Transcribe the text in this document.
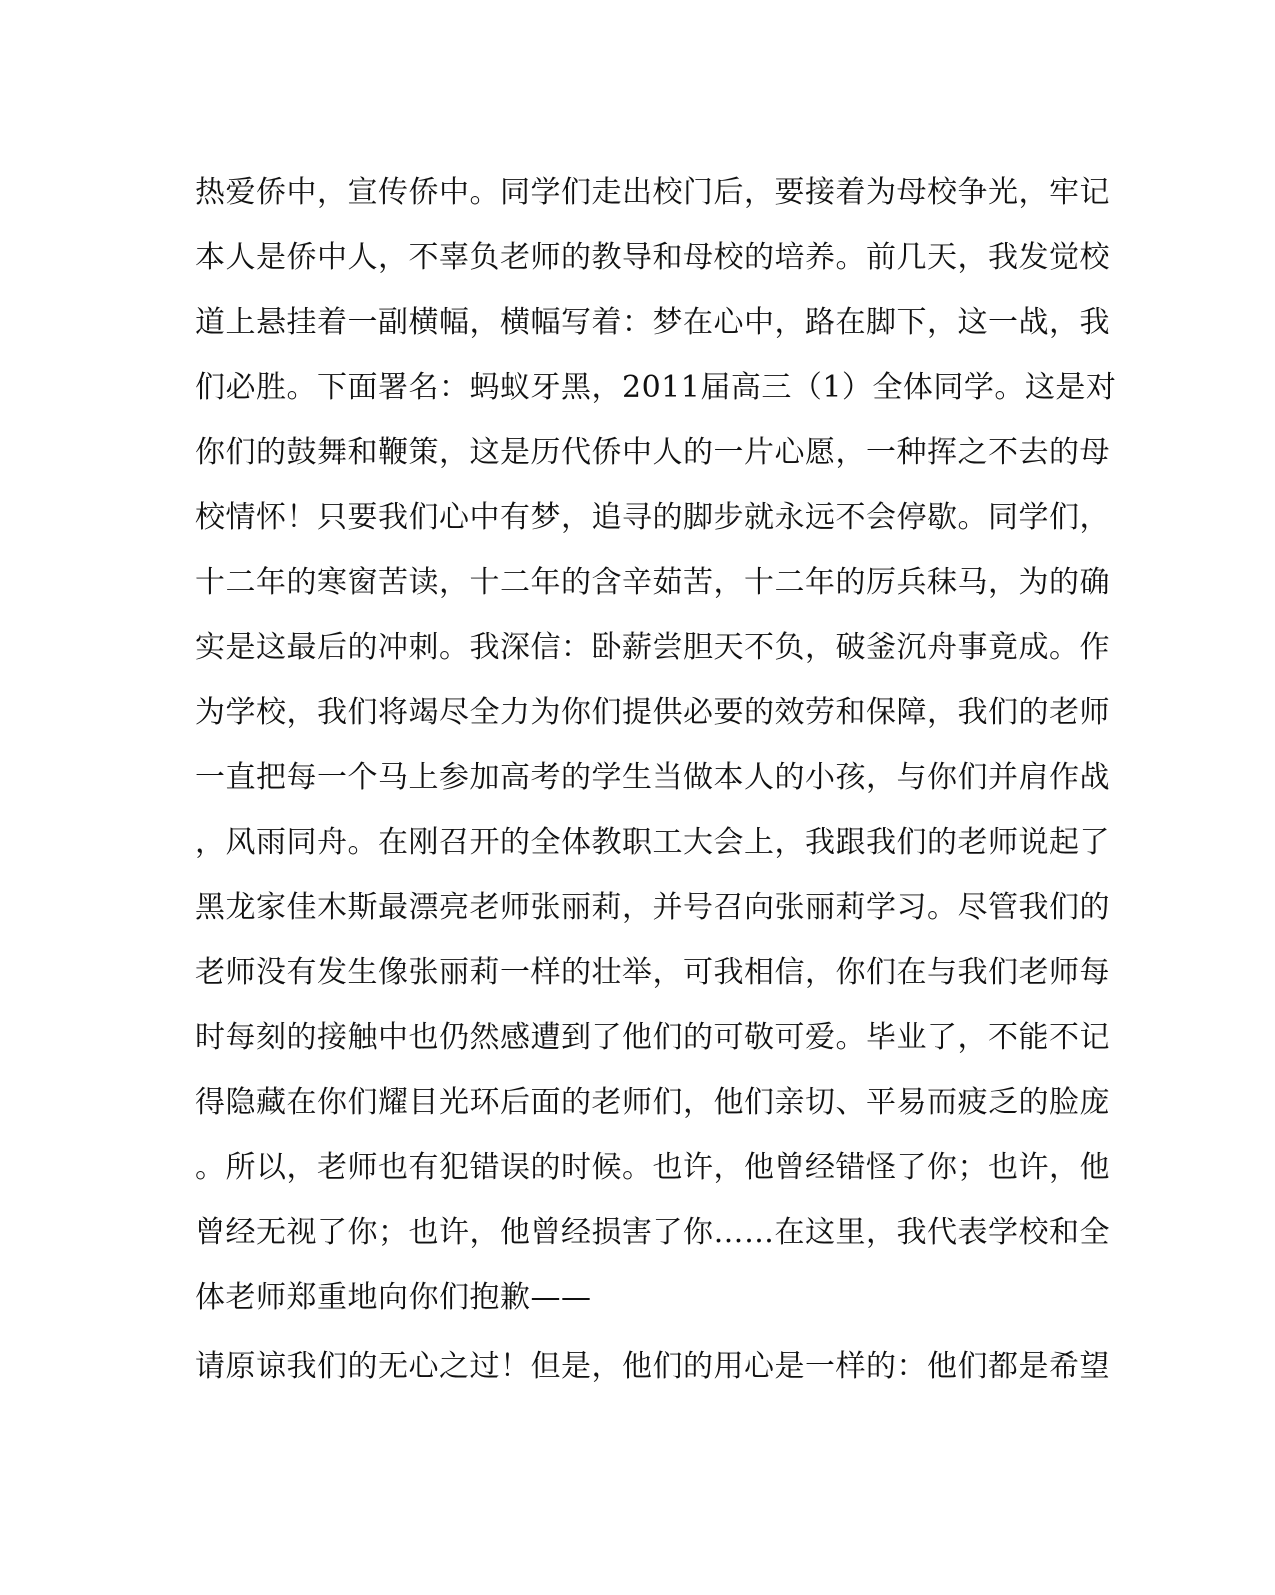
热爱侨中，宣传侨中。同学们走出校门后，要接着为母校争光，牢记
本人是侨中人，不辜负老师的教导和母校的培养。前几天，我发觉校
道上悬挂着一副横幅，横幅写着：梦在心中，路在脚下，这一战，我
们必胜。下面署名：蚂蚁牙黑，2011届高三（1）全体同学。这是对
你们的鼓舞和鞭策，这是历代侨中人的一片心愿，一种挥之不去的母
校情怀！只要我们心中有梦，追寻的脚步就永远不会停歇。同学们，
十二年的寒窗苦读，十二年的含辛茹苦，十二年的厉兵秣马，为的确
实是这最后的冲刺。我深信：卧薪尝胆天不负，破釜沉舟事竟成。作
为学校，我们将竭尽全力为你们提供必要的效劳和保障，我们的老师
一直把每一个马上参加高考的学生当做本人的小孩，与你们并肩作战
，风雨同舟。在刚召开的全体教职工大会上，我跟我们的老师说起了
黑龙家佳木斯最漂亮老师张丽莉，并号召向张丽莉学习。尽管我们的
老师没有发生像张丽莉一样的壮举，可我相信，你们在与我们老师每
时每刻的接触中也仍然感遭到了他们的可敬可爱。毕业了，不能不记
得隐藏在你们耀目光环后面的老师们，他们亲切、平易而疲乏的脸庞
。所以，老师也有犯错误的时候。也许，他曾经错怪了你；也许，他
曾经无视了你；也许，他曾经损害了你……在这里，我代表学校和全
体老师郑重地向你们抱歉——
请原谅我们的无心之过！但是，他们的用心是一样的：他们都是希望
